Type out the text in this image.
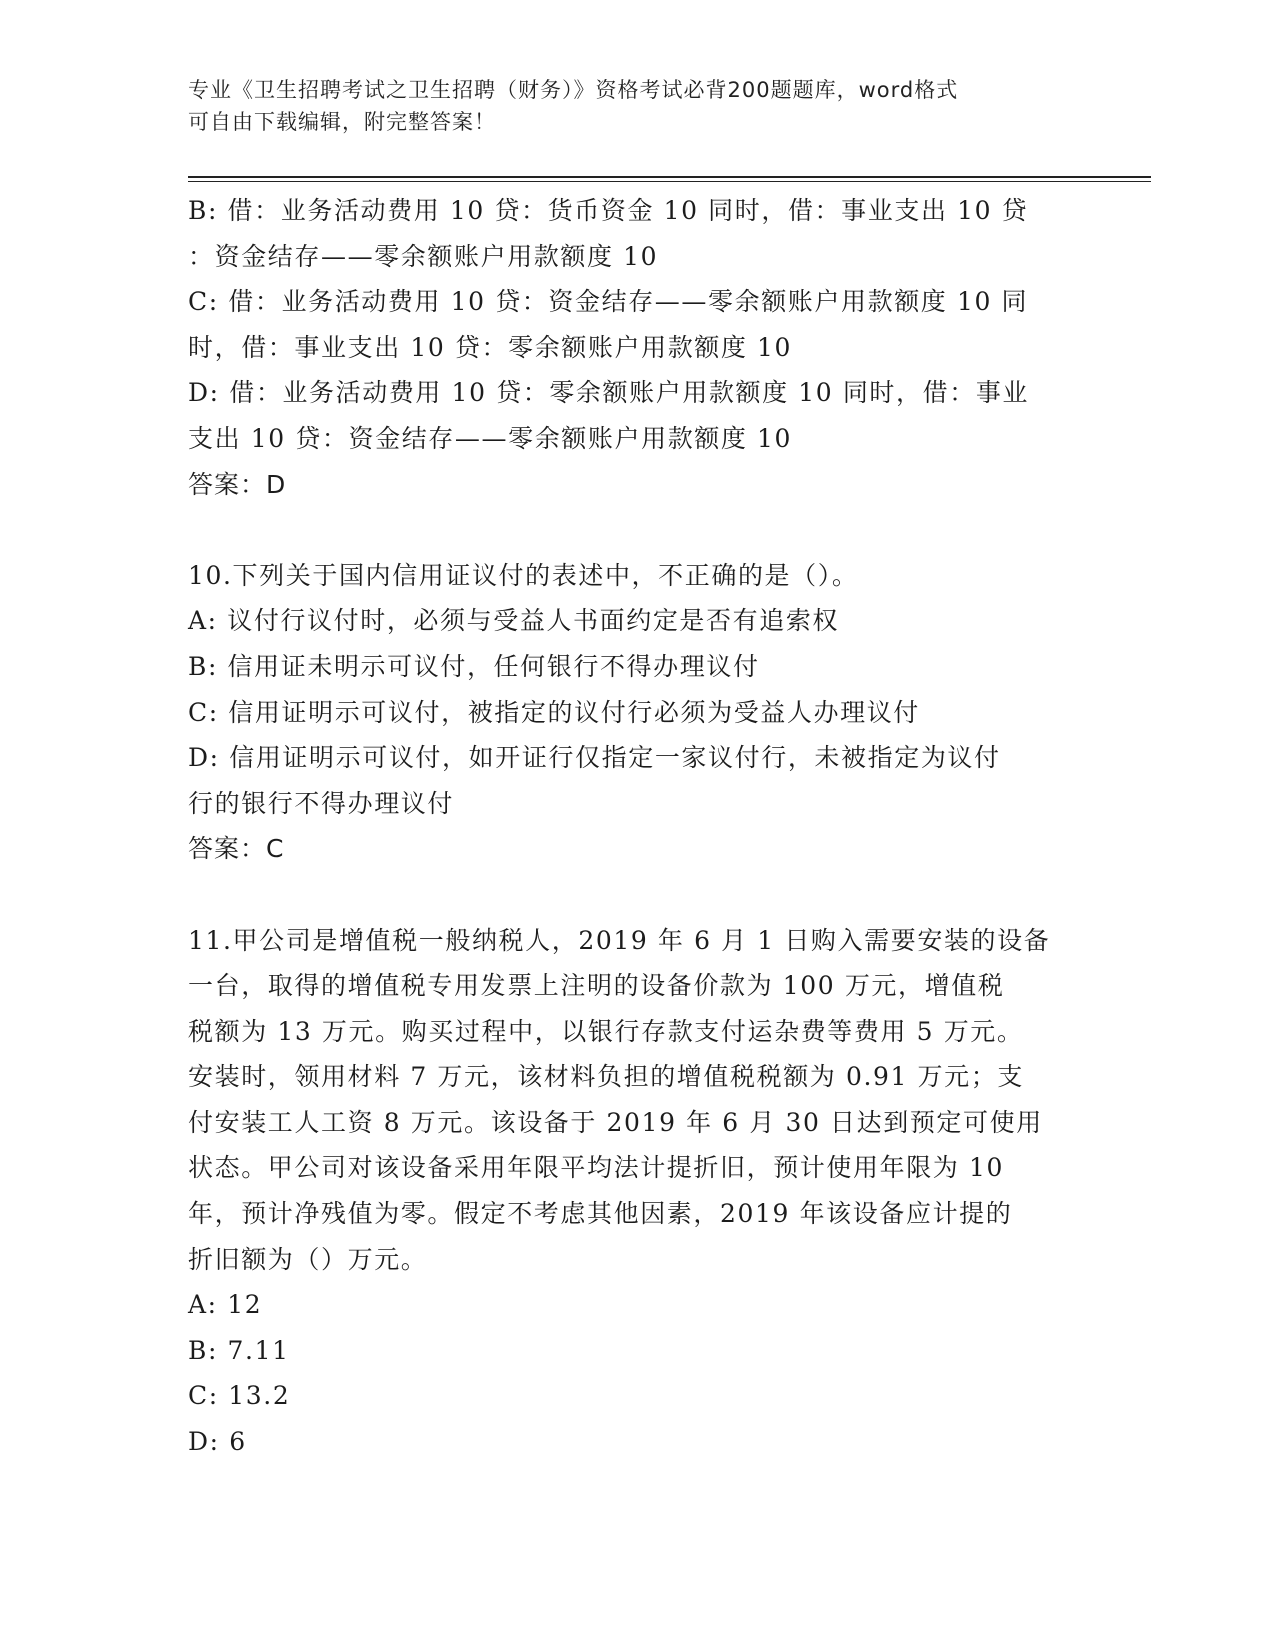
专业《卫生招聘考试之卫生招聘（财务）》资格考试必背200题题库，word格式
可自由下载编辑，附完整答案！
B: 借：业务活动费用 10 贷：货币资金 10 同时，借：事业支出 10 贷
：资金结存——零余额账户用款额度 10
C: 借：业务活动费用 10 贷：资金结存——零余额账户用款额度 10 同
时，借：事业支出 10 贷：零余额账户用款额度 10
D: 借：业务活动费用 10 贷：零余额账户用款额度 10 同时，借：事业
支出 10 贷：资金结存——零余额账户用款额度 10
答案：D
10.下列关于国内信用证议付的表述中，不正确的是（）。
A: 议付行议付时，必须与受益人书面约定是否有追索权
B: 信用证未明示可议付，任何银行不得办理议付
C: 信用证明示可议付，被指定的议付行必须为受益人办理议付
D: 信用证明示可议付，如开证行仅指定一家议付行，未被指定为议付
行的银行不得办理议付
答案：C
11.甲公司是增值税一般纳税人，2019 年 6 月 1 日购入需要安装的设备
一台，取得的增值税专用发票上注明的设备价款为 100 万元，增值税
税额为 13 万元。购买过程中，以银行存款支付运杂费等费用 5 万元。
安装时，领用材料 7 万元，该材料负担的增值税税额为 0.91 万元；支
付安装工人工资 8 万元。该设备于 2019 年 6 月 30 日达到预定可使用
状态。甲公司对该设备采用年限平均法计提折旧，预计使用年限为 10
年，预计净残值为零。假定不考虑其他因素，2019 年该设备应计提的
折旧额为（）万元。
A: 12
B: 7.11
C: 13.2
D: 6
